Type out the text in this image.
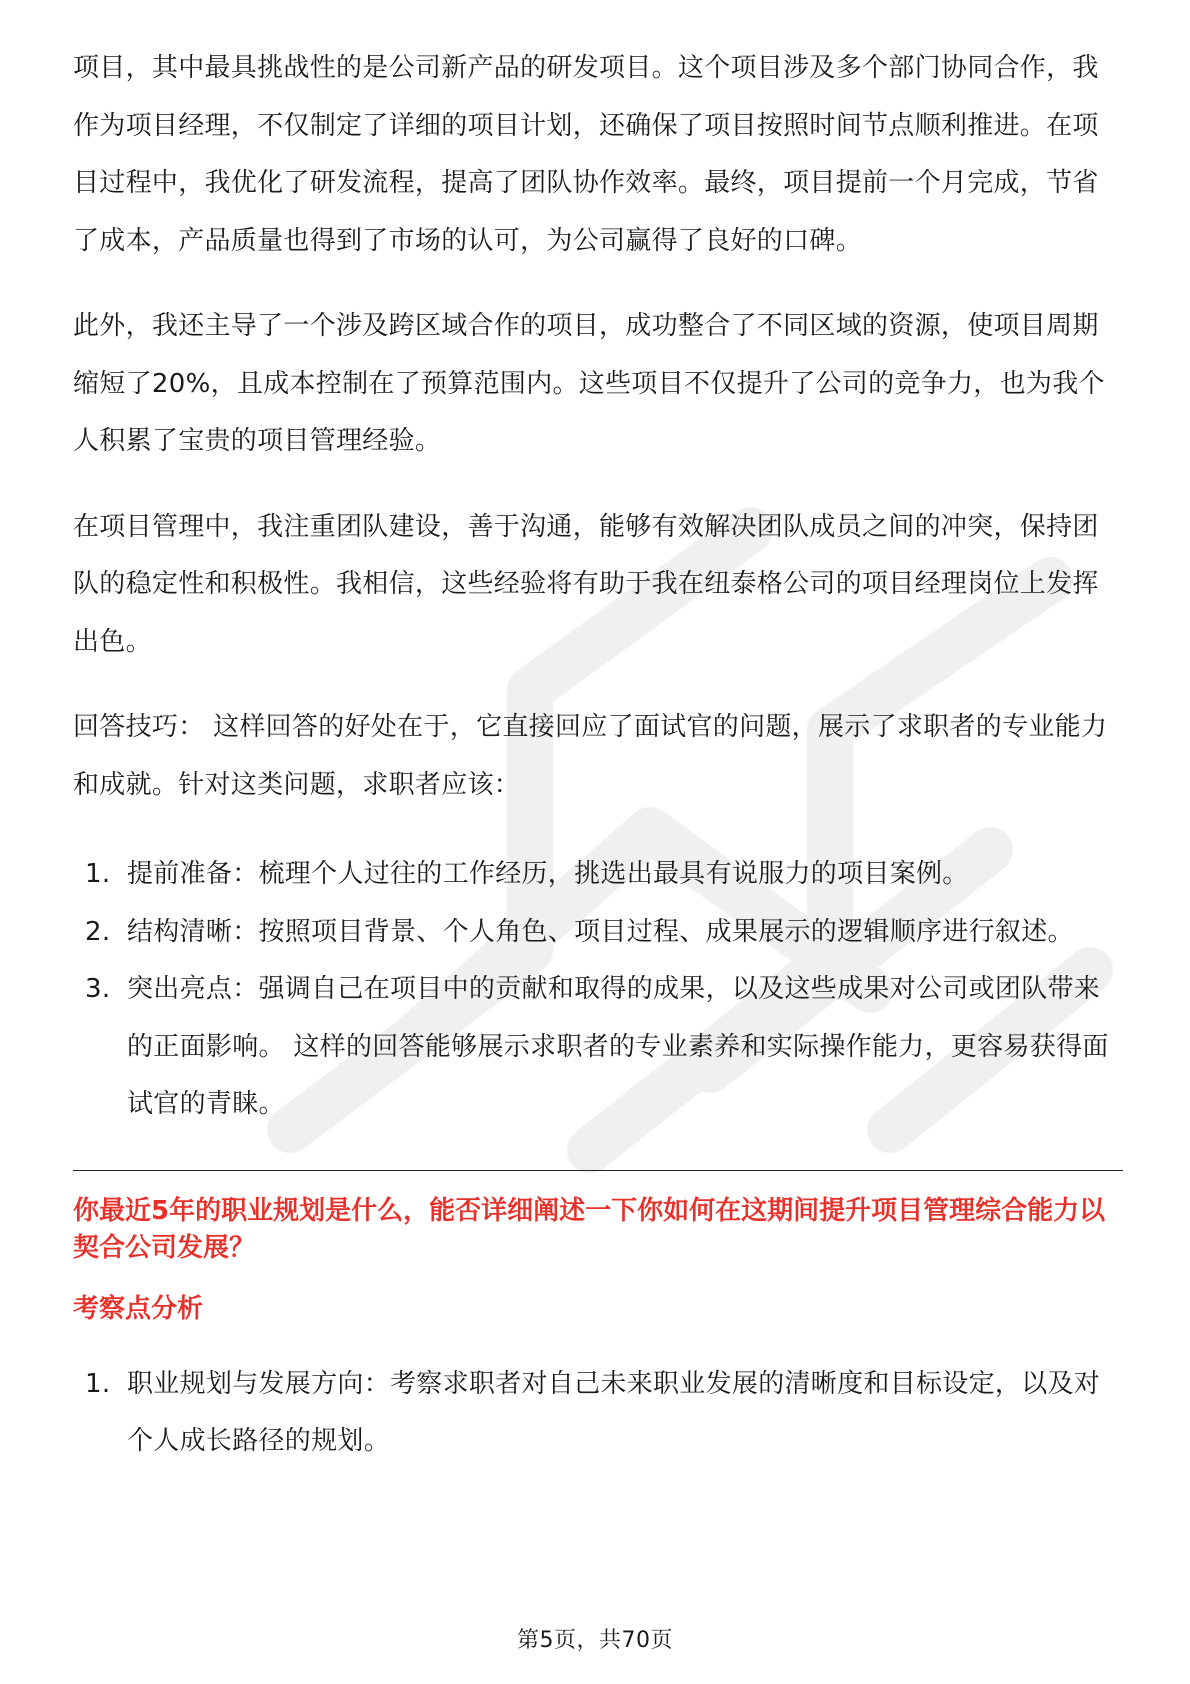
项目，其中最具挑战性的是公司新产品的研发项目。这个项目涉及多个部门协同合作，我作为项目经理，不仅制定了详细的项目计划，还确保了项目按照时间节点顺利推进。在项目过程中，我优化了研发流程，提高了团队协作效率。最终，项目提前一个月完成，节省了成本，产品质量也得到了市场的认可，为公司赢得了良好的口碑。

此外，我还主导了一个涉及跨区域合作的项目，成功整合了不同区域的资源，使项目周期缩短了20%，且成本控制在了预算范围内。这些项目不仅提升了公司的竞争力，也为我个人积累了宝贵的项目管理经验。

在项目管理中，我注重团队建设，善于沟通，能够有效解决团队成员之间的冲突，保持团队的稳定性和积极性。我相信，这些经验将有助于我在纽泰格公司的项目经理岗位上发挥出色。

回答技巧： 这样回答的好处在于，它直接回应了面试官的问题，展示了求职者的专业能力和成就。针对这类问题，求职者应该：

1. 提前准备：梳理个人过往的工作经历，挑选出最具有说服力的项目案例。
2. 结构清晰：按照项目背景、个人角色、项目过程、成果展示的逻辑顺序进行叙述。
3. 突出亮点：强调自己在项目中的贡献和取得的成果，以及这些成果对公司或团队带来的正面影响。 这样的回答能够展示求职者的专业素养和实际操作能力，更容易获得面试官的青睐。

你最近5年的职业规划是什么，能否详细阐述一下你如何在这期间提升项目管理综合能力以契合公司发展？

考察点分析

1. 职业规划与发展方向：考察求职者对自己未来职业发展的清晰度和目标设定，以及对个人成长路径的规划。
第5页，共70页
